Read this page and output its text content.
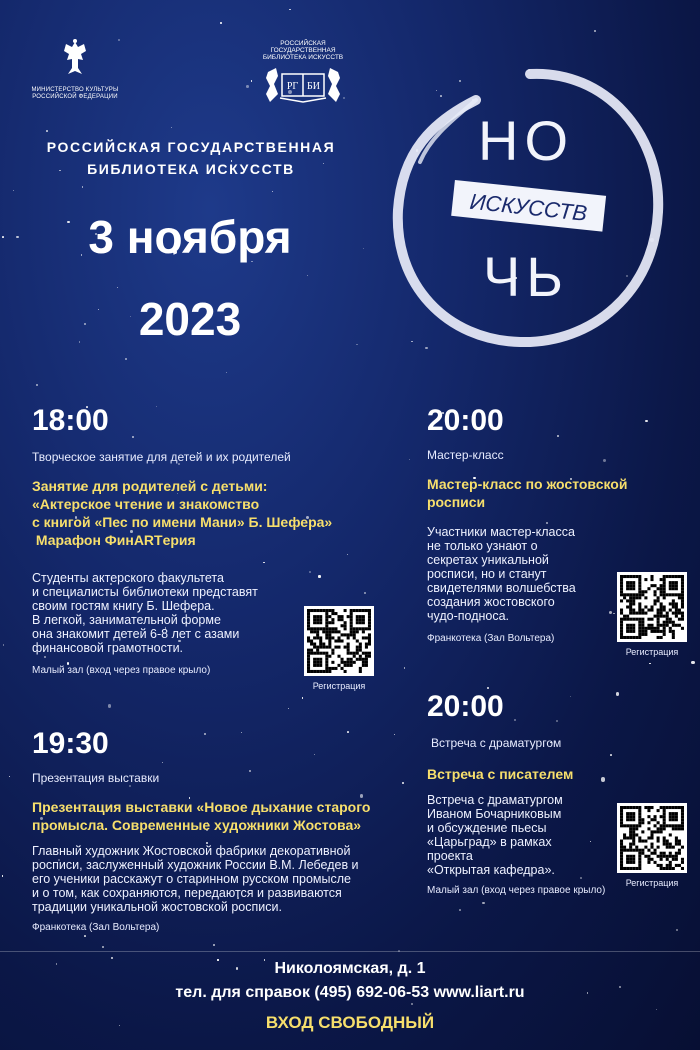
МИНИСТЕРСТВО КУЛЬТУРЫ РОССИЙСКОЙ ФЕДЕРАЦИИ
РОССИЙСКАЯ ГОСУДАРСТВЕННАЯ БИБЛИОТЕКА ИСКУССТВ
РГ БИ
РОССИЙСКАЯ ГОСУДАРСТВЕННАЯ
БИБЛИОТЕКА ИСКУССТВ
3 ноября
2023
НО
ИСКУССТВ
ЧЬ
18:00
Творческое занятие для детей и их родителей
Занятие для родителей с детьми:
«Актерское чтение и знакомство
с книгой «Пес по имени Мани» Б. Шефера»
Марафон ФинАRTерия
Студенты актерского факультета
и специалисты библиотеки представят
своим гостям книгу Б. Шефера.
В легкой, занимательной форме
она знакомит детей 6-8 лет с азами
финансовой грамотности.
Малый зал (вход через правое крыло)
Регистрация
19:30
Презентация выставки
Презентация выставки «Новое дыхание старого
промысла. Современные художники Жостова»
Главный художник Жостовской фабрики декоративной
росписи, заслуженный художник России В.М. Лебедев и
его ученики расскажут о старинном русском промысле
и о том, как сохраняются, передаются и развиваются
традиции уникальной жостовской росписи.
Франкотека (Зал Вольтера)
20:00
Мастер-класс
Мастер-класс по жостовской
росписи
Участники мастер-класса
не только узнают о
секретах уникальной
росписи, но и станут
свидетелями волшебства
создания жостовского
чудо-подноса.
Франкотека (Зал Вольтера)
Регистрация
20:00
Встреча с драматургом
Встреча с писателем
Встреча с драматургом
Иваном Бочарниковым
и обсуждение пьесы
«Царьград» в рамках
проекта
«Открытая кафедра».
Малый зал (вход через правое крыло)
Регистрация
Николоямская, д. 1
тел. для справок (495) 692-06-53 www.liart.ru
ВХОД СВОБОДНЫЙ
